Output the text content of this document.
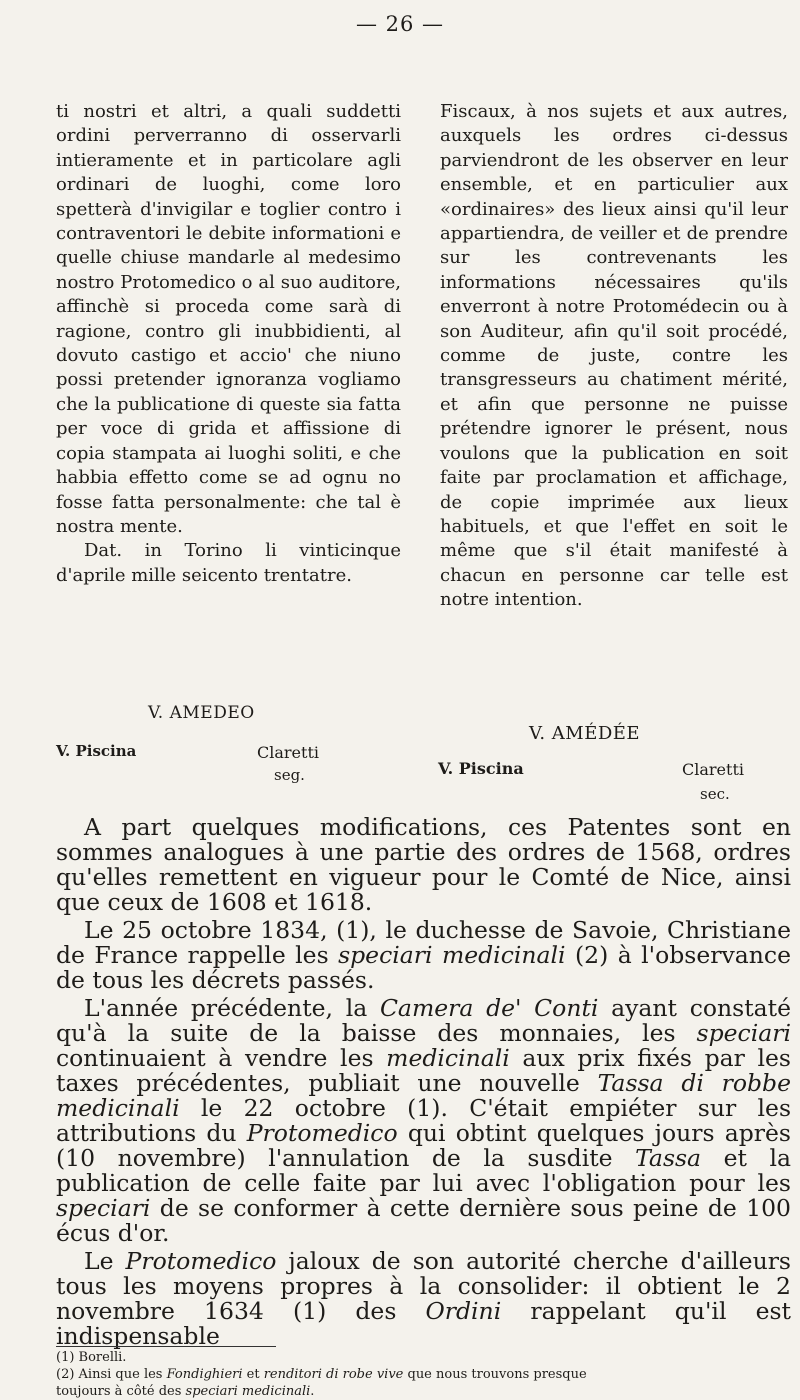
— 26 —

ti nostri et altri, a quali suddetti ordini perverranno di osservarli intieramente et in particolare agli ordinari de luoghi, come loro spetterà d'invigilar e toglier contro i contraventori le debite informationi e quelle chiuse mandarle al medesimo nostro Protomedico o al suo auditore, affinchè si proceda come sarà di ragione, contro gli inubbidienti, al dovuto castigo et accio' che niuno possi pretender ignoranza vogliamo che la publicatione di queste sia fatta per voce di grida et affissione di copia stampata ai luoghi soliti, e che habbia effetto come se ad ognu no fosse fatta personalmente: che tal è nostra mente.
Dat. in Torino li vinticinque d'aprile mille seicento trentatre.

Fiscaux, à nos sujets et aux autres, auxquels les ordres ci-dessus parviendront de les observer en leur ensemble, et en particulier aux «ordinaires» des lieux ainsi qu'il leur appartiendra, de veiller et de prendre sur les contrevenants les informations nécessaires qu'ils enverront à notre Protomédecin ou à son Auditeur, afin qu'il soit procédé, comme de juste, contre les transgresseurs au chatiment mérité, et afin que personne ne puisse prétendre ignorer le présent, nous voulons que la publication en soit faite par proclamation et affichage, de copie imprimée aux lieux habituels, et que l'effet en soit le même que s'il était manifesté à chacun en personne car telle est notre intention.

V. AMEDEO
V. Piscina	Claretti
seg.
V. AMÉDÉE
V. Piscina	Claretti
sec.

A part quelques modifications, ces Patentes sont en sommes analogues à une partie des ordres de 1568, ordres qu'elles remettent en vigueur pour le Comté de Nice, ainsi que ceux de 1608 et 1618.

Le 25 octobre 1834, (1), le duchesse de Savoie, Christiane de France rappelle les speciari medicinali (2) à l'observance de tous les décrets passés.

L'année précédente, la Camera de' Conti ayant constaté qu'à la suite de la baisse des monnaies, les speciari continuaient à vendre les medicinali aux prix fixés par les taxes précédentes, publiait une nouvelle Tassa di robbe medicinali le 22 octobre (1). C'était empiéter sur les attributions du Protomedico qui obtint quelques jours après (10 novembre) l'annulation de la susdite Tassa et la publication de celle faite par lui avec l'obligation pour les speciari de se conformer à cette dernière sous peine de 100 écus d'or.

Le Protomedico jaloux de son autorité cherche d'ailleurs tous les moyens propres à la consolider: il obtient le 2 novembre 1634 (1) des Ordini rappelant qu'il est indispensable

(1) Borelli.
(2) Ainsi que les Fondighieri et renditori di robe vive que nous trouvons presque
toujours à côté des speciari medicinali.
